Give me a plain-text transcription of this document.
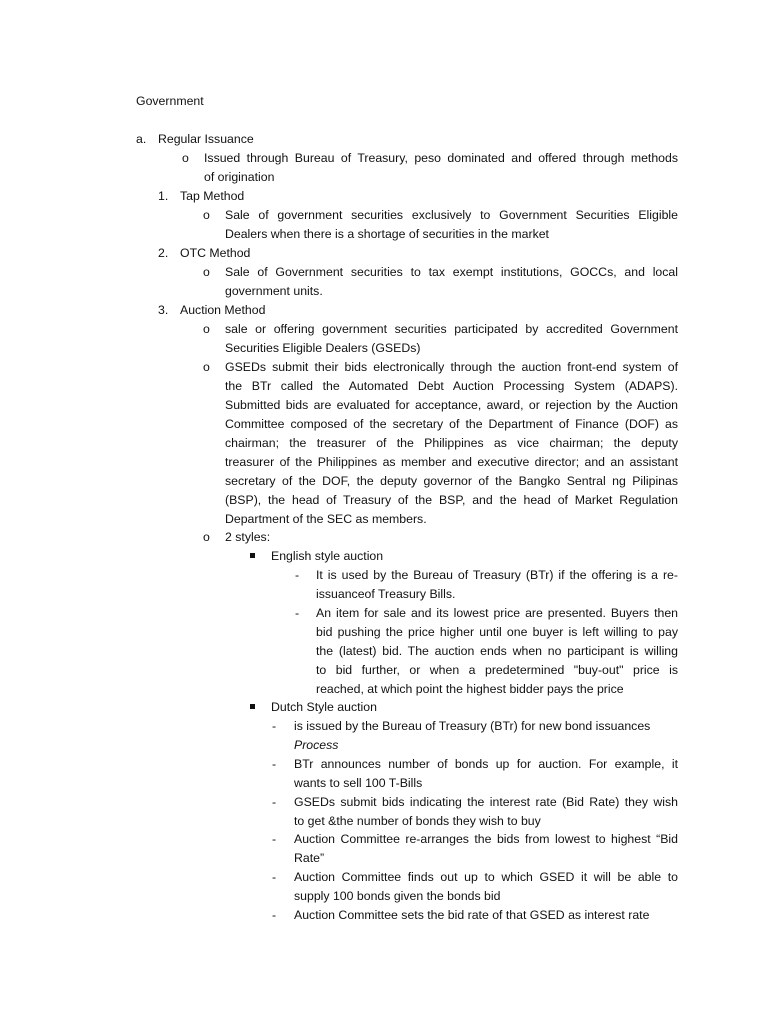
Government
a. Regular Issuance
o Issued through Bureau of Treasury, peso dominated and offered through methods
of origination
1. Tap Method
o Sale of government securities exclusively to Government Securities Eligible
Dealers when there is a shortage of securities in the market
2. OTC Method
o Sale of Government securities to tax exempt institutions, GOCCs, and local
government units.
3. Auction Method
o sale or offering government securities participated by accredited Government
Securities Eligible Dealers (GSEDs)
o GSEDs submit their bids electronically through the auction front-end system of
the BTr called the Automated Debt Auction Processing System (ADAPS).
Submitted bids are evaluated for acceptance, award, or rejection by the Auction
Committee composed of the secretary of the Department of Finance (DOF) as
chairman; the treasurer of the Philippines as vice chairman; the deputy
treasurer of the Philippines as member and executive director; and an assistant
secretary of the DOF, the deputy governor of the Bangko Sentral ng Pilipinas
(BSP), the head of Treasury of the BSP, and the head of Market Regulation
Department of the SEC as members.
o 2 styles:
English style auction
- It is used by the Bureau of Treasury (BTr) if the offering is a re-
issuanceof Treasury Bills.
- An item for sale and its lowest price are presented. Buyers then
bid pushing the price higher until one buyer is left willing to pay
the (latest) bid. The auction ends when no participant is willing
to bid further, or when a predetermined "buy-out" price is
reached, at which point the highest bidder pays the price
Dutch Style auction
- is issued by the Bureau of Treasury (BTr) for new bond issuances
Process
- BTr announces number of bonds up for auction. For example, it
wants to sell 100 T-Bills
- GSEDs submit bids indicating the interest rate (Bid Rate) they wish
to get &the number of bonds they wish to buy
- Auction Committee re-arranges the bids from lowest to highest “Bid
Rate”
- Auction Committee finds out up to which GSED it will be able to
supply 100 bonds given the bonds bid
- Auction Committee sets the bid rate of that GSED as interest rate
